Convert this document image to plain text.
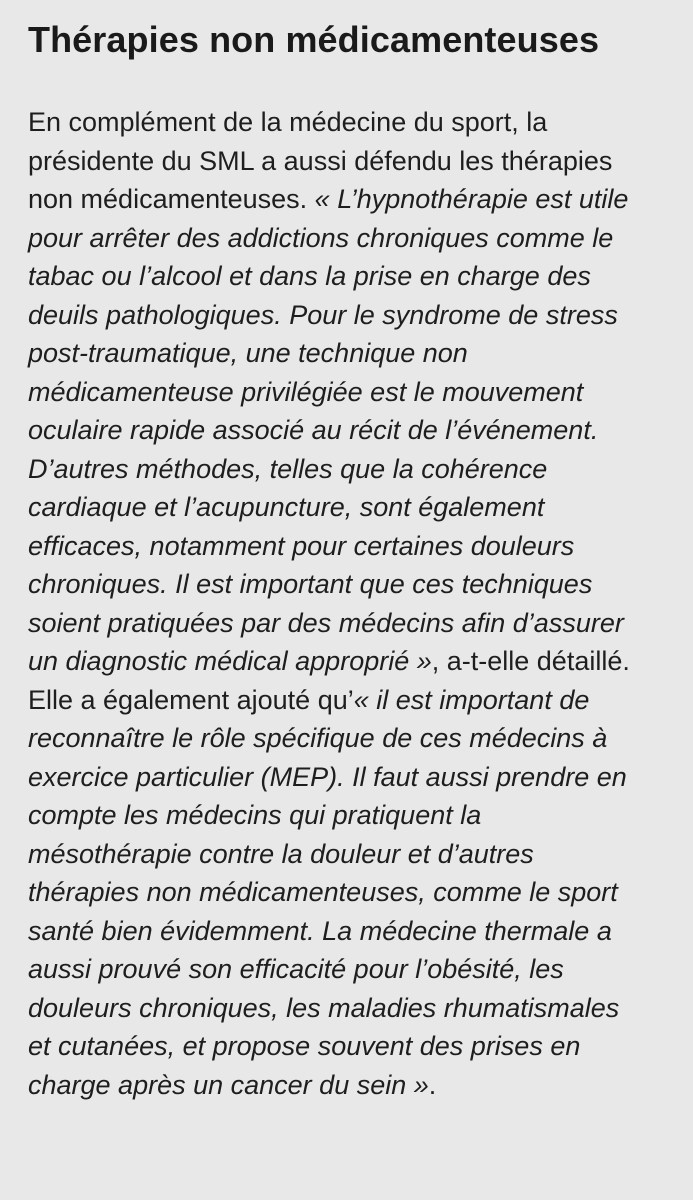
Thérapies non médicamenteuses
En complément de la médecine du sport, la
présidente du SML a aussi défendu les thérapies
non médicamenteuses. « L’hypnothérapie est utile
pour arrêter des addictions chroniques comme le
tabac ou l’alcool et dans la prise en charge des
deuils pathologiques. Pour le syndrome de stress
post-traumatique, une technique non
médicamenteuse privilégiée est le mouvement
oculaire rapide associé au récit de l’événement.
D’autres méthodes, telles que la cohérence
cardiaque et l’acupuncture, sont également
efficaces, notamment pour certaines douleurs
chroniques. Il est important que ces techniques
soient pratiquées par des médecins afin d’assurer
un diagnostic médical approprié », a-t-elle détaillé.
Elle a également ajouté qu’« il est important de
reconnaître le rôle spécifique de ces médecins à
exercice particulier (MEP). Il faut aussi prendre en
compte les médecins qui pratiquent la
mésothérapie contre la douleur et d’autres
thérapies non médicamenteuses, comme le sport
santé bien évidemment. La médecine thermale a
aussi prouvé son efficacité pour l’obésité, les
douleurs chroniques, les maladies rhumatismales
et cutanées, et propose souvent des prises en
charge après un cancer du sein ».
